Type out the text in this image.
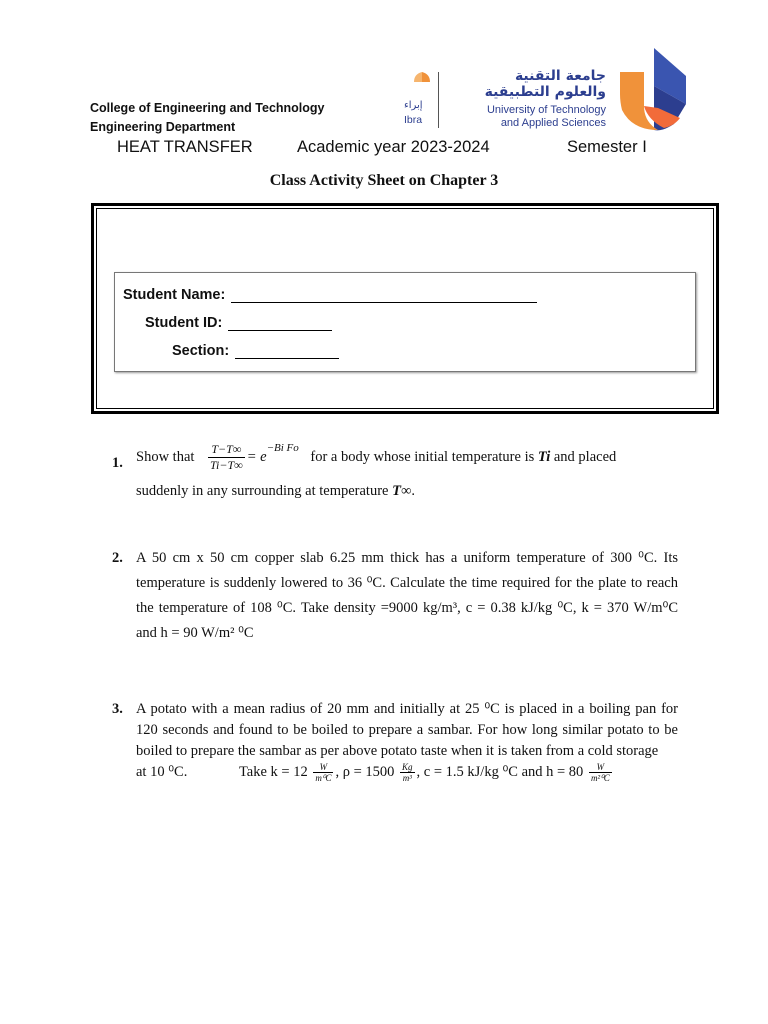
College of Engineering and Technology
Engineering Department
إبراء
Ibra
جامعة التقنية
والعلوم التطبيقية
University of Technology
and Applied Sciences
HEAT TRANSFER	Academic year 2023-2024	Semester I
Class Activity Sheet on Chapter 3
Student Name:
Student ID:
Section:
1. Show that $\frac{T-T\infty}{Ti-T\infty} = e^{-Bi Fo}$ for a body whose initial temperature is Ti and placed
suddenly in any surrounding at temperature T∞.
2. A 50 cm x 50 cm copper slab 6.25 mm thick has a uniform temperature of 300 ⁰C. Its temperature is suddenly lowered to 36 ⁰C. Calculate the time required for the plate to reach the temperature of 108 ⁰C. Take density =9000 kg/m³, c = 0.38 kJ/kg ⁰C, k = 370 W/m⁰C and h = 90 W/m² ⁰C
3. A potato with a mean radius of 20 mm and initially at 25 ⁰C is placed in a boiling pan for 120 seconds and found to be boiled to prepare a sambar. For how long similar potato to be boiled to prepare the sambar as per above potato taste when it is taken from a cold storage
at 10 ⁰C.	Take $k = 12 \frac{W}{\text{m⁰C}}$ , $\rho = 1500 \frac{Kg}{\text{m³}}$ , c = 1.5 kJ/kg ⁰C and $h = 80 \frac{W}{\text{m²⁰C}}$
